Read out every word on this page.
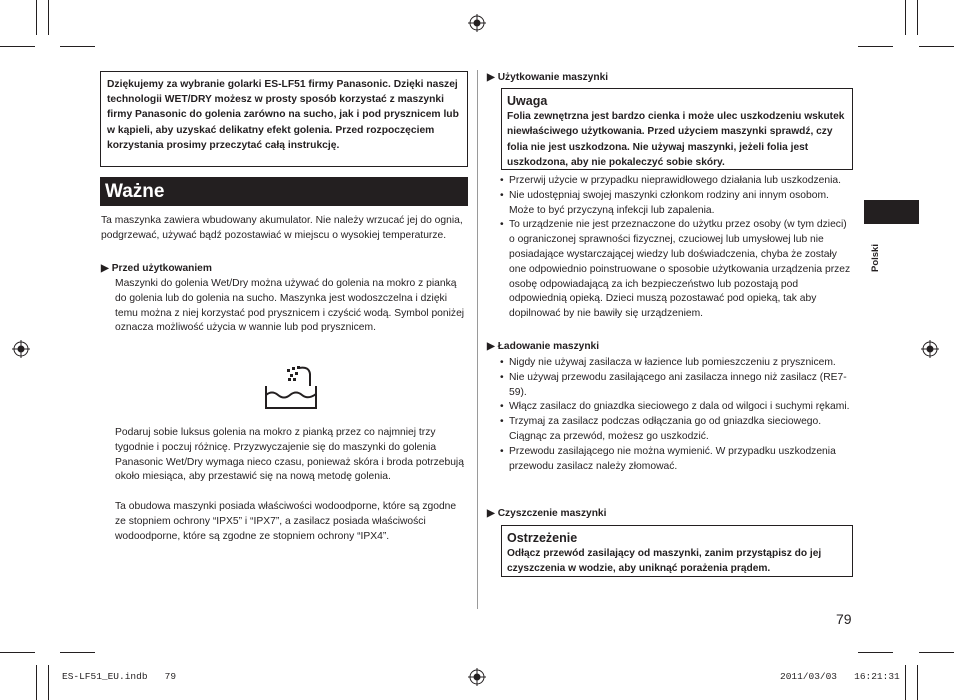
Dziękujemy za wybranie golarki ES-LF51 firmy Panasonic. Dzięki naszej technologii WET/DRY możesz w prosty sposób korzystać z maszynki firmy Panasonic do golenia zarówno na sucho, jak i pod prysznicem lub w kąpieli, aby uzyskać delikatny efekt golenia. Przed rozpoczęciem korzystania prosimy przeczytać całą instrukcję.
Ważne
Ta maszynka zawiera wbudowany akumulator. Nie należy wrzucać jej do ognia, podgrzewać, używać bądź pozostawiać w miejscu o wysokiej temperaturze.
▶ Przed użytkowaniem
Maszynki do golenia Wet/Dry można używać do golenia na mokro z pianką do golenia lub do golenia na sucho. Maszynka jest wodoszczelna i dzięki temu można z niej korzystać pod prysznicem i czyścić wodą. Symbol poniżej oznacza możliwość użycia w wannie lub pod prysznicem.
Podaruj sobie luksus golenia na mokro z pianką przez co najmniej trzy tygodnie i poczuj różnicę. Przyzwyczajenie się do maszynki do golenia Panasonic Wet/Dry wymaga nieco czasu, ponieważ skóra i broda potrzebują około miesiąca, aby przestawić się na nową metodę golenia.
Ta obudowa maszynki posiada właściwości wodoodporne, które są zgodne ze stopniem ochrony “IPX5” i “IPX7”, a zasilacz posiada właściwości wodoodporne, które są zgodne ze stopniem ochrony “IPX4”.
▶ Użytkowanie maszynki
Uwaga
Folia zewnętrzna jest bardzo cienka i może ulec uszkodzeniu wskutek niewłaściwego użytkowania. Przed użyciem maszynki sprawdź, czy folia nie jest uszkodzona. Nie używaj maszynki, jeżeli folia jest uszkodzona, aby nie pokaleczyć sobie skóry.
• Przerwij użycie w przypadku nieprawidłowego działania lub uszkodzenia.
• Nie udostępniaj swojej maszynki członkom rodziny ani innym osobom. Może to być przyczyną infekcji lub zapalenia.
• To urządzenie nie jest przeznaczone do użytku przez osoby (w tym dzieci) o ograniczonej sprawności fizycznej, czuciowej lub umysłowej lub nie posiadające wystarczającej wiedzy lub doświadczenia, chyba że zostały one odpowiednio poinstruowane o sposobie użytkowania urządzenia przez osobę odpowiadającą za ich bezpieczeństwo lub pozostają pod odpowiednią opieką. Dzieci muszą pozostawać pod opieką, tak aby dopilnować by nie bawiły się urządzeniem.
▶ Ładowanie maszynki
• Nigdy nie używaj zasilacza w łazience lub pomieszczeniu z prysznicem.
• Nie używaj przewodu zasilającego ani zasilacza innego niż zasilacz (RE7-59).
• Włącz zasilacz do gniazdka sieciowego z dala od wilgoci i suchymi rękami.
• Trzymaj za zasilacz podczas odłączania go od gniazdka sieciowego. Ciągnąc za przewód, możesz go uszkodzić.
• Przewodu zasilającego nie można wymienić. W przypadku uszkodzenia przewodu zasilacz należy złomować.
▶ Czyszczenie maszynki
Ostrzeżenie
Odłącz przewód zasilający od maszynki, zanim przystąpisz do jej czyszczenia w wodzie, aby uniknąć porażenia prądem.
Polski
79
ES-LF51_EU.indb   79	2011/03/03   16:21:31
